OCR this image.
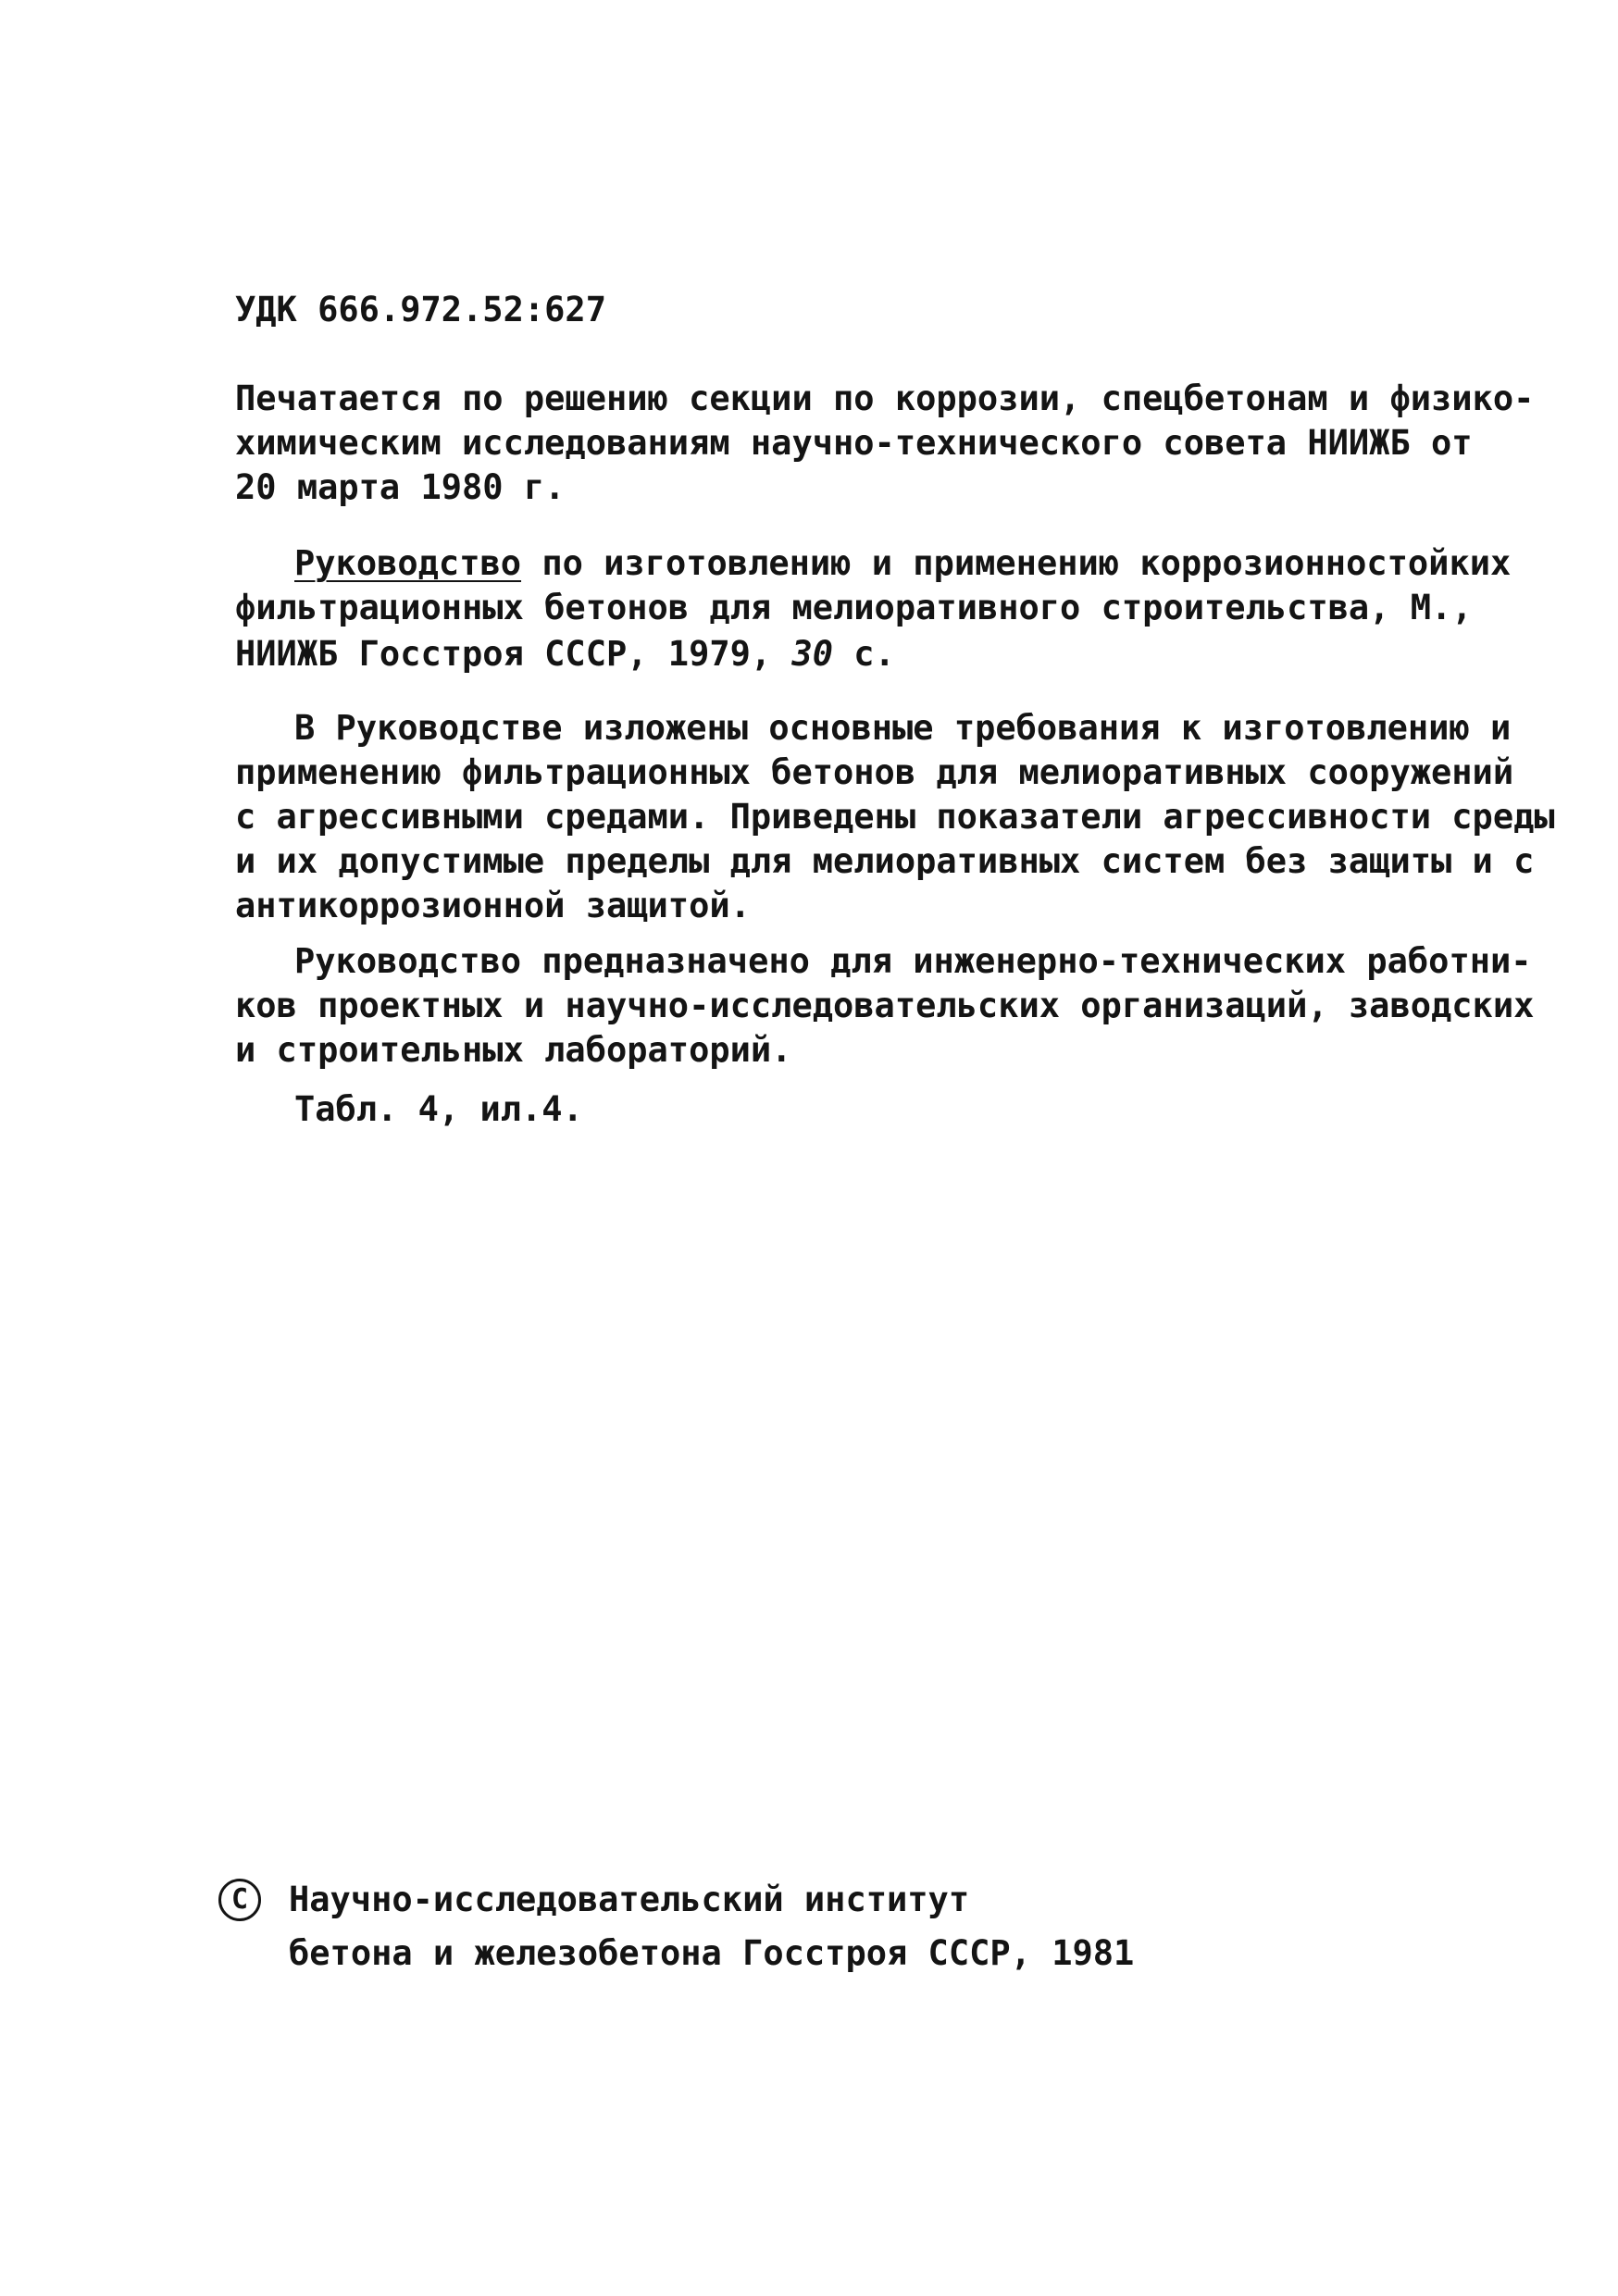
УДК 666.972.52:627
Печатается по решению секции по коррозии, спецбетонам и физико-
химическим исследованиям научно-технического совета НИИЖБ от
20 марта 1980 г.
Руководство по изготовлению и применению коррозионностойких
фильтрационных бетонов для мелиоративного строительства, М.,
НИИЖБ Госстроя СССР, 1979, 30 с.
В Руководстве изложены основные требования к изготовлению и
применению фильтрационных бетонов для мелиоративных сооружений
с агрессивными средами. Приведены показатели агрессивности среды
и их допустимые пределы для мелиоративных систем без защиты и с
антикоррозионной защитой.
Руководство предназначено для инженерно-технических работни-
ков проектных и научно-исследовательских организаций, заводских
и строительных лабораторий.
Табл. 4, ил.4.
C Научно-исследовательский институт
бетона и железобетона Госстроя СССР, 1981
